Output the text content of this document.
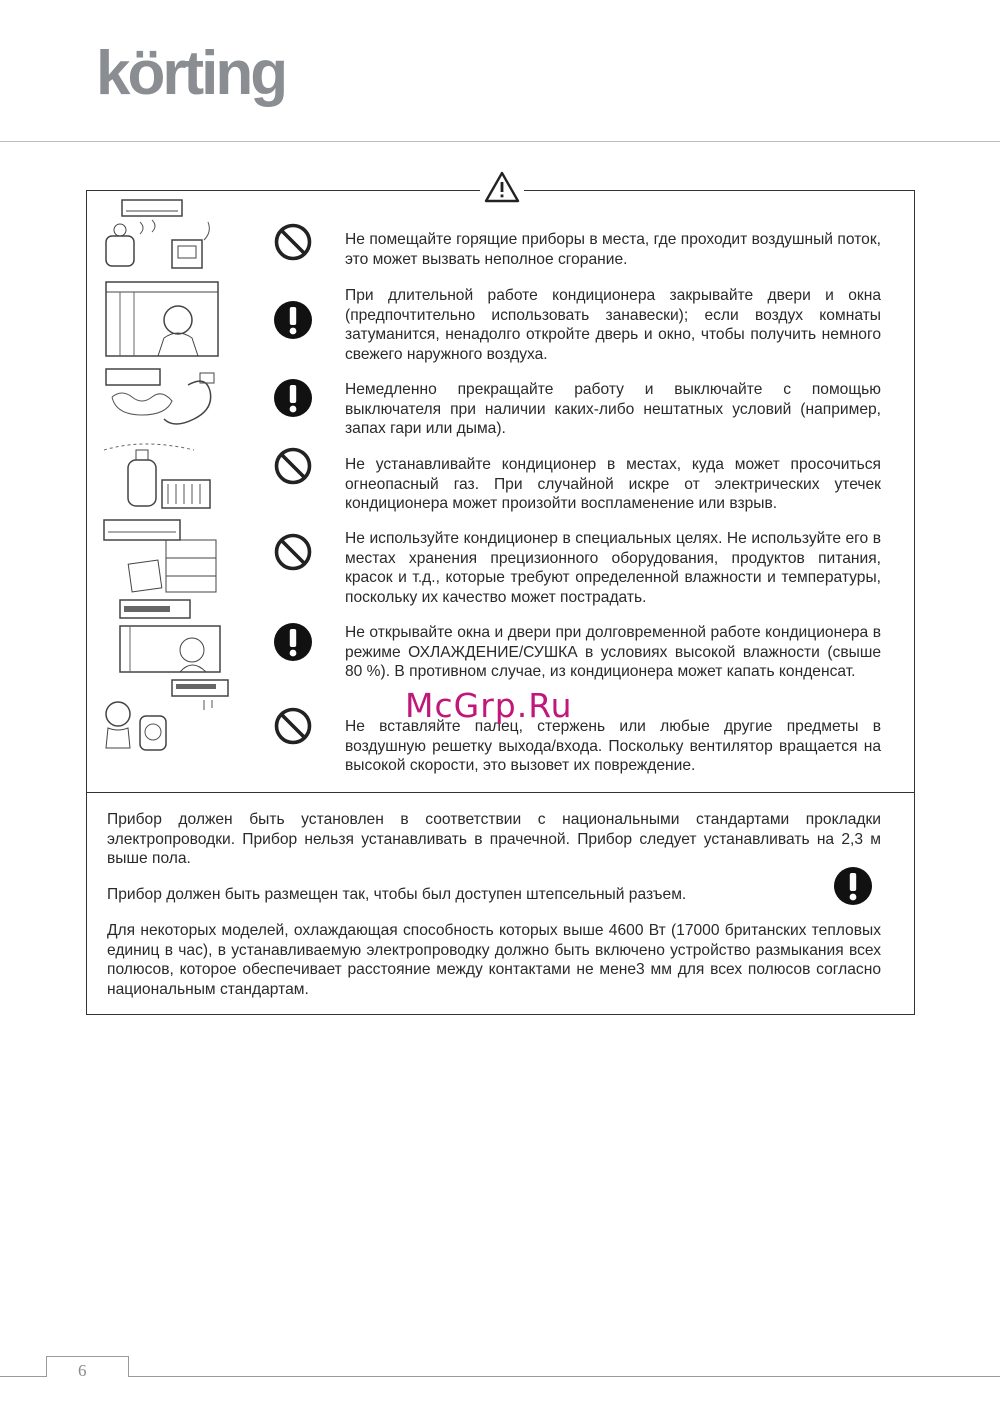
körting
Не помещайте горящие приборы в места, где проходит воздушный поток, это может вызвать неполное сгорание.
При длительной работе кондиционера закрывайте двери и окна (предпочтительно использовать занавески); если воздух комнаты затуманится, ненадолго откройте дверь и окно, чтобы получить немного свежего наружного воздуха.
Немедленно прекращайте работу и выключайте с помощью выключателя при наличии каких-либо нештатных условий (например, запах гари или дыма).
Не устанавливайте кондиционер в местах, куда может просочиться огнеопасный газ. При случайной искре от электрических утечек кондиционера может произойти воспламенение или взрыв.
Не используйте кондиционер в специальных целях. Не используйте его в местах хранения прецизионного оборудования, продуктов питания, красок и т.д., которые требуют определенной влажности и температуры, поскольку их качество может пострадать.
Не открывайте окна и двери при долговременной работе кондиционера в режиме ОХЛАЖДЕНИЕ/СУШКА в условиях высокой влажности (свыше 80 %). В противном случае, из кондиционера может капать конденсат.
Не вставляйте палец, стержень или любые другие предметы в воздушную решетку выхода/входа. Поскольку вентилятор вращается на высокой скорости, это вызовет их повреждение.
Прибор должен быть установлен в соответствии с национальными стандартами прокладки электропроводки. Прибор нельзя устанавливать в прачечной. Прибор следует устанавливать на 2,3 м выше пола.
Прибор должен быть размещен так, чтобы был доступен штепсельный разъем.
Для некоторых моделей, охлаждающая способность которых выше 4600 Вт (17000 британских тепловых единиц в час), в устанавливаемую электропроводку должно быть включено устройство размыкания всех полюсов, которое обеспечивает расстояние между контактами не мене3 мм для всех полюсов согласно национальным стандартам.
McGrp.Ru
6
